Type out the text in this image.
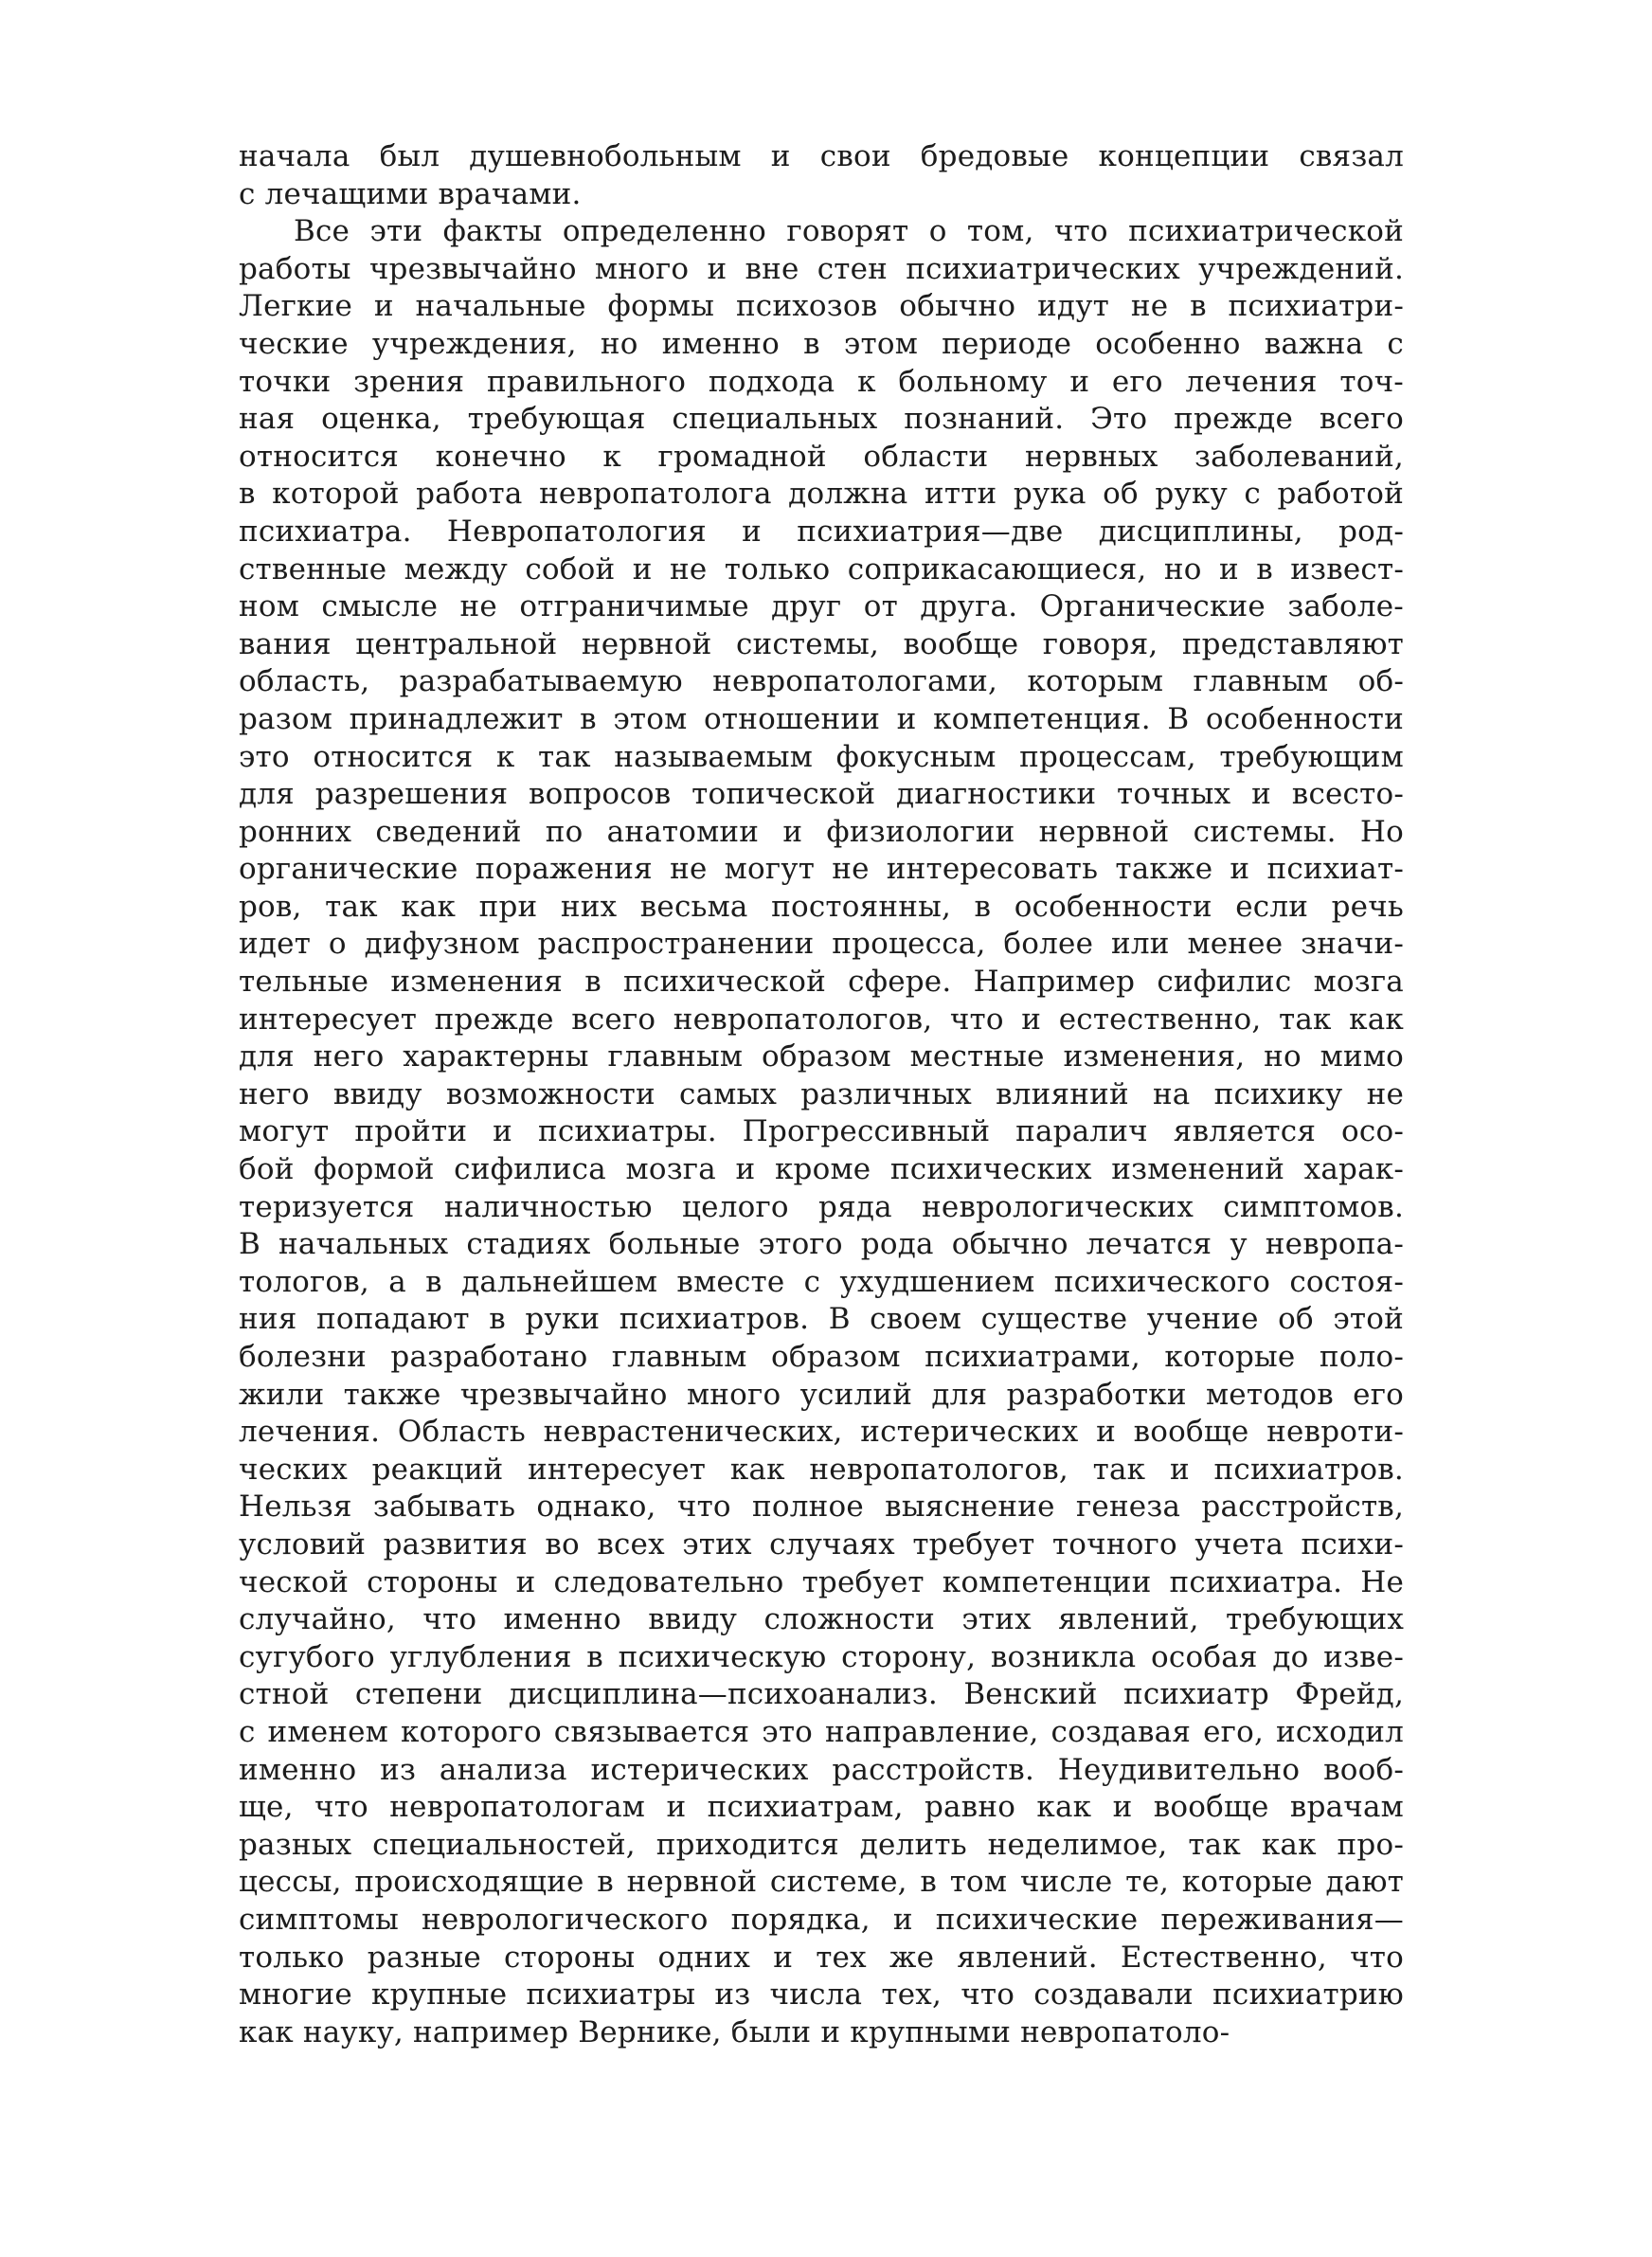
начала был душевнобольным и свои бредовые концепции связал
с лечащими врачами.
Все эти факты определенно говорят о том, что психиатрической
работы чрезвычайно много и вне стен психиатрических учреждений.
Легкие и начальные формы психозов обычно идут не в психиатри-
ческие учреждения, но именно в этом периоде особенно важна с
точки зрения правильного подхода к больному и его лечения точ-
ная оценка, требующая специальных познаний. Это прежде всего
относится конечно к громадной области нервных заболеваний,
в которой работа невропатолога должна итти рука об руку с работой
психиатра. Невропатология и психиатрия—две дисциплины, род-
ственные между собой и не только соприкасающиеся, но и в извест-
ном смысле не отграничимые друг от друга. Органические заболе-
вания центральной нервной системы, вообще говоря, представляют
область, разрабатываемую невропатологами, которым главным об-
разом принадлежит в этом отношении и компетенция. В особенности
это относится к так называемым фокусным процессам, требующим
для разрешения вопросов топической диагностики точных и всесто-
ронних сведений по анатомии и физиологии нервной системы. Но
органические поражения не могут не интересовать также и психиат-
ров, так как при них весьма постоянны, в особенности если речь
идет о дифузном распространении процесса, более или менее значи-
тельные изменения в психической сфере. Например сифилис мозга
интересует прежде всего невропатологов, что и естественно, так как
для него характерны главным образом местные изменения, но мимо
него ввиду возможности самых различных влияний на психику не
могут пройти и психиатры. Прогрессивный паралич является осо-
бой формой сифилиса мозга и кроме психических изменений харак-
теризуется наличностью целого ряда неврологических симптомов.
В начальных стадиях больные этого рода обычно лечатся у невропа-
тологов, а в дальнейшем вместе с ухудшением психического состоя-
ния попадают в руки психиатров. В своем существе учение об этой
болезни разработано главным образом психиатрами, которые поло-
жили также чрезвычайно много усилий для разработки методов его
лечения. Область неврастенических, истерических и вообще невроти-
ческих реакций интересует как невропатологов, так и психиатров.
Нельзя забывать однако, что полное выяснение генеза расстройств,
условий развития во всех этих случаях требует точного учета психи-
ческой стороны и следовательно требует компетенции психиатра. Не
случайно, что именно ввиду сложности этих явлений, требующих
сугубого углубления в психическую сторону, возникла особая до изве-
стной степени дисциплина—психоанализ. Венский психиатр Фрейд,
с именем которого связывается это направление, создавая его, исходил
именно из анализа истерических расстройств. Неудивительно вооб-
ще, что невропатологам и психиатрам, равно как и вообще врачам
разных специальностей, приходится делить неделимое, так как про-
цессы, происходящие в нервной системе, в том числе те, которые дают
симптомы неврологического порядка, и психические переживания—
только разные стороны одних и тех же явлений. Естественно, что
многие крупные психиатры из числа тех, что создавали психиатрию
как науку, например Вернике, были и крупными невропатоло-
